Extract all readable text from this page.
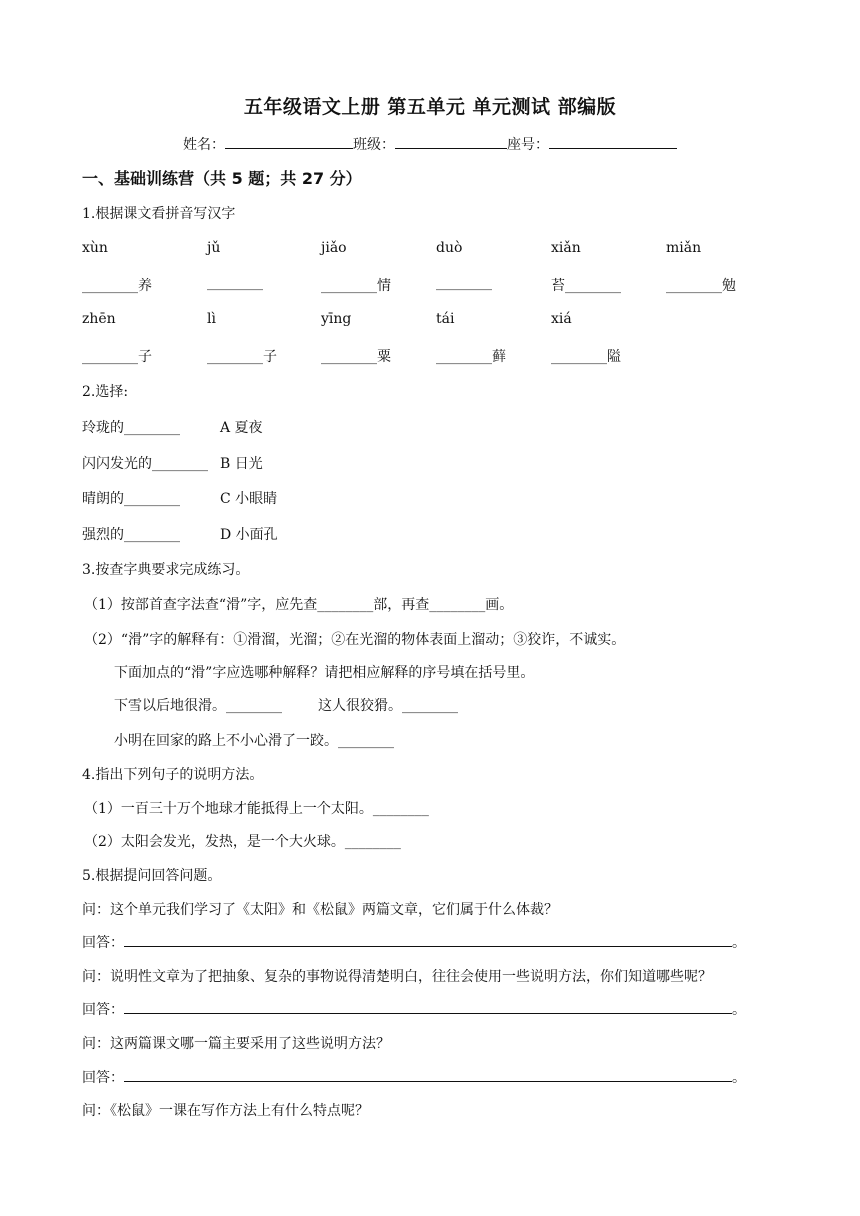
五年级语文上册 第五单元 单元测试 部编版
姓名：	班级：	座号：
一、基础训练营（共 5 题；共 27 分）
1.根据课文看拼音写汉字
xùn	jǔ	jiǎo	duò	xiǎn	miǎn
________养	________	________情	________	苔________	________勉
zhēn	lì	yīng	tái	xiá
________子	________子	________粟	________藓	________隘
2.选择:
玲珑的________	A 夏夜
闪闪发光的________ B 日光
晴朗的________	C 小眼睛
强烈的________	D 小面孔
3.按查字典要求完成练习。
（1）按部首查字法查“滑”字，应先查________部，再查________画。
（2）“滑”字的解释有：①滑溜，光溜；②在光溜的物体表面上溜动；③狡诈，不诚实。
下面加点的“滑”字应选哪种解释？请把相应解释的序号填在括号里。
下雪以后地很滑。________	这人很狡猾。________
小明在回家的路上不小心滑了一跤。________
4.指出下列句子的说明方法。
（1）一百三十万个地球才能抵得上一个太阳。________
（2）太阳会发光，发热，是一个大火球。________
5.根据提问回答问题。
问：这个单元我们学习了《太阳》和《松鼠》两篇文章，它们属于什么体裁？
回答：	。
问：说明性文章为了把抽象、复杂的事物说得清楚明白，往往会使用一些说明方法，你们知道哪些呢？
回答：	。
问：这两篇课文哪一篇主要采用了这些说明方法？
回答：	。
问：《松鼠》一课在写作方法上有什么特点呢？
